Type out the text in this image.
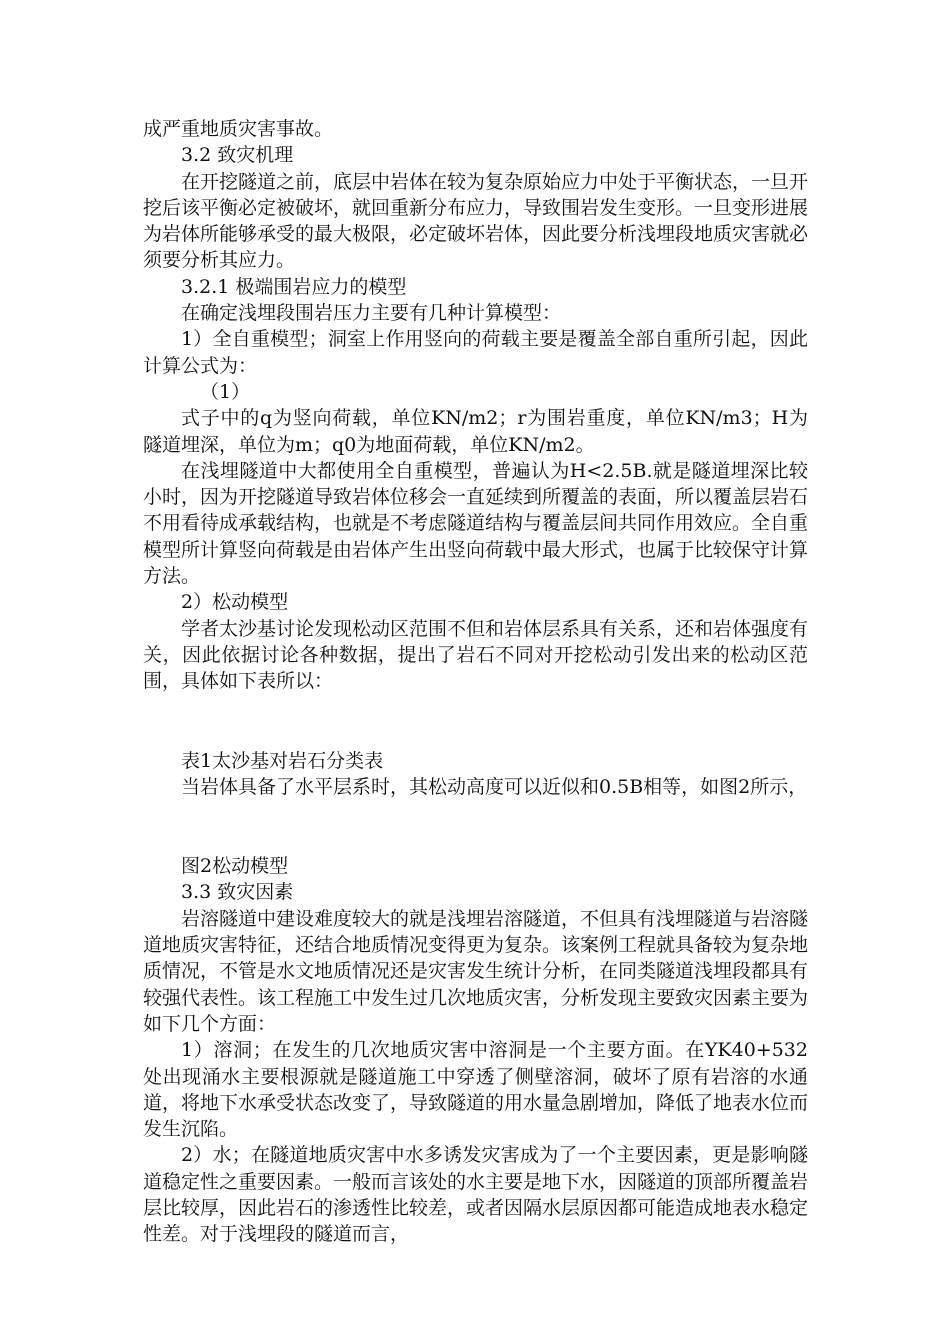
成严重地质灾害事故。

3.2 致灾机理

在开挖隧道之前，底层中岩体在较为复杂原始应力中处于平衡状态，一旦开挖后该平衡必定被破坏，就回重新分布应力，导致围岩发生变形。一旦变形进展为岩体所能够承受的最大极限，必定破坏岩体，因此要分析浅埋段地质灾害就必须要分析其应力。

3.2.1 极端围岩应力的模型

在确定浅埋段围岩压力主要有几种计算模型：

1）全自重模型；洞室上作用竖向的荷载主要是覆盖全部自重所引起，因此计算公式为：

（1）

式子中的q为竖向荷载，单位KN/m2；r为围岩重度，单位KN/m3；H为隧道埋深，单位为m；q0为地面荷载，单位KN/m2。

在浅埋隧道中大都使用全自重模型，普遍认为H<2.5B.就是隧道埋深比较小时，因为开挖隧道导致岩体位移会一直延续到所覆盖的表面，所以覆盖层岩石不用看待成承载结构，也就是不考虑隧道结构与覆盖层间共同作用效应。全自重模型所计算竖向荷载是由岩体产生出竖向荷载中最大形式，也属于比较保守计算方法。

2）松动模型

学者太沙基讨论发现松动区范围不但和岩体层系具有关系，还和岩体强度有关，因此依据讨论各种数据，提出了岩石不同对开挖松动引发出来的松动区范围，具体如下表所以：

表1太沙基对岩石分类表

当岩体具备了水平层系时，其松动高度可以近似和0.5B相等，如图2所示，

图2松动模型

3.3 致灾因素

岩溶隧道中建设难度较大的就是浅埋岩溶隧道，不但具有浅埋隧道与岩溶隧道地质灾害特征，还结合地质情况变得更为复杂。该案例工程就具备较为复杂地质情况，不管是水文地质情况还是灾害发生统计分析，在同类隧道浅埋段都具有较强代表性。该工程施工中发生过几次地质灾害，分析发现主要致灾因素主要为如下几个方面：

1）溶洞；在发生的几次地质灾害中溶洞是一个主要方面。在YK40+532处出现涌水主要根源就是隧道施工中穿透了侧壁溶洞，破坏了原有岩溶的水通道，将地下水承受状态改变了，导致隧道的用水量急剧增加，降低了地表水位而发生沉陷。

2）水；在隧道地质灾害中水多诱发灾害成为了一个主要因素，更是影响隧道稳定性之重要因素。一般而言该处的水主要是地下水，因隧道的顶部所覆盖岩层比较厚，因此岩石的渗透性比较差，或者因隔水层原因都可能造成地表水稳定性差。对于浅埋段的隧道而言，
